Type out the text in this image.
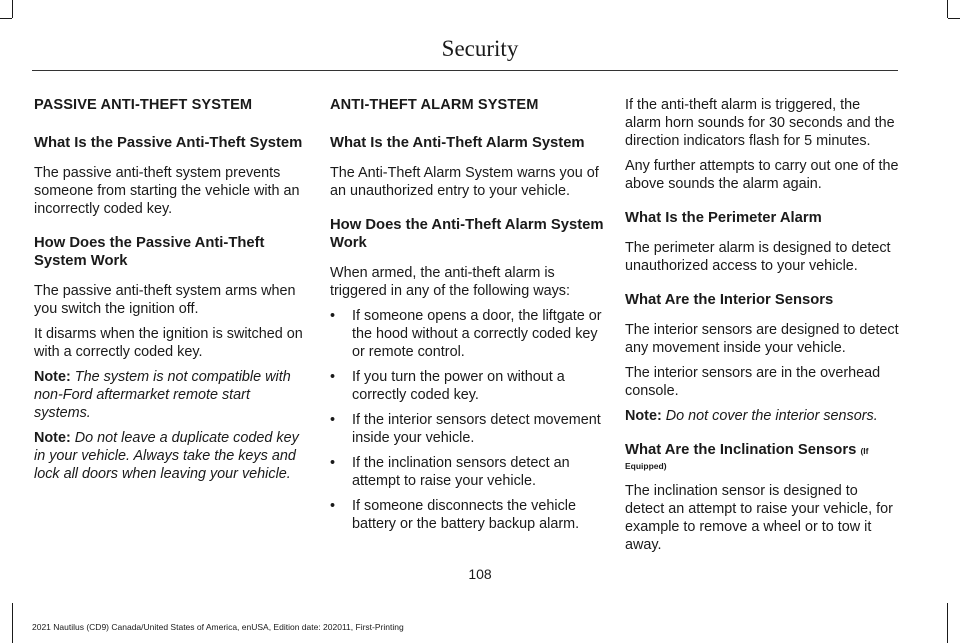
Security
PASSIVE ANTI-THEFT SYSTEM
What Is the Passive Anti-Theft System

The passive anti-theft system prevents someone from starting the vehicle with an incorrectly coded key.

How Does the Passive Anti-Theft System Work

The passive anti-theft system arms when you switch the ignition off.

It disarms when the ignition is switched on with a correctly coded key.

Note: The system is not compatible with non-Ford aftermarket remote start systems.

Note: Do not leave a duplicate coded key in your vehicle. Always take the keys and lock all doors when leaving your vehicle.

ANTI-THEFT ALARM SYSTEM
What Is the Anti-Theft Alarm System

The Anti-Theft Alarm System warns you of an unauthorized entry to your vehicle.

How Does the Anti-Theft Alarm System Work

When armed, the anti-theft alarm is triggered in any of the following ways:

• If someone opens a door, the liftgate or the hood without a correctly coded key or remote control.
• If you turn the power on without a correctly coded key.
• If the interior sensors detect movement inside your vehicle.
• If the inclination sensors detect an attempt to raise your vehicle.
• If someone disconnects the vehicle battery or the battery backup alarm.

If the anti-theft alarm is triggered, the alarm horn sounds for 30 seconds and the direction indicators flash for 5 minutes.

Any further attempts to carry out one of the above sounds the alarm again.

What Is the Perimeter Alarm

The perimeter alarm is designed to detect unauthorized access to your vehicle.

What Are the Interior Sensors

The interior sensors are designed to detect any movement inside your vehicle.

The interior sensors are in the overhead console.

Note: Do not cover the interior sensors.

What Are the Inclination Sensors (If
Equipped)

The inclination sensor is designed to detect an attempt to raise your vehicle, for example to remove a wheel or to tow it away.

108
2021 Nautilus (CD9) Canada/United States of America, enUSA, Edition date: 202011, First-Printing
